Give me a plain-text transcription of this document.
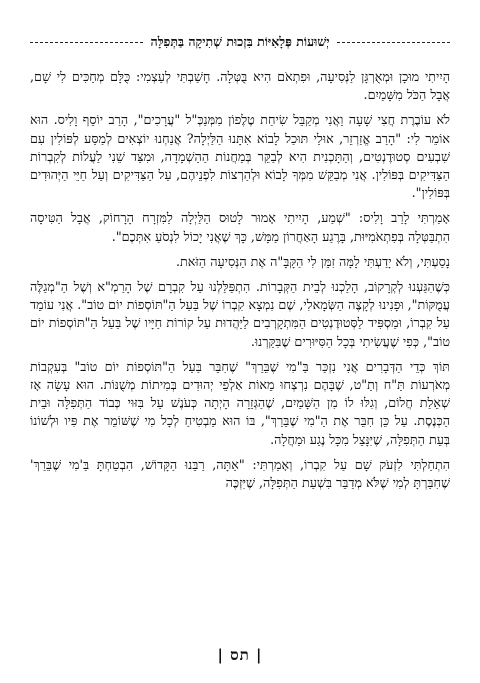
יְשׁוּעוֹת פְּלָאִיּוֹת בִּזְכוּת שְׁתִיקָה בַּתְּפִלָּה

הָיִיתִי מוּכָן וּמְאֻרְגָּן לַנְּסִיעָה, וּפִתְאֹם הִיא בֻּטְּלָה. חָשַׁבְתִּי לְעַצְמִי: כֻּלָּם מְחַכִּים לִי שָׁם, אֲבָל הַכֹּל מִשָּׁמַיִם.

לֹא עוֹבֶרֶת חֲצִי שָׁעָה וַאֲנִי מְקַבֵּל שִׂיחַת טֶלֶפוֹן מִמְּנַכְּ"ל "עֲרָכִים", הָרַב יוֹסֵף וָלִיס. הוּא אוֹמֵר לִי: "הָרַב אֱזַרְזֵר, אוּלַי תּוּכַל לָבוֹא אִתָּנוּ הַלַּיְלָה? אֲנַחְנוּ יוֹצְאִים לְמַסַּע לְפּוֹלִין עִם שִׁבְעִים סְטוּדֶנְטִים, וְהַתָּכְנִית הִיא לְבַקֵּר בְּמַחֲנוֹת הַהַשְׁמָדָה, וּמִצַּד שֵׁנִי לַעֲלוֹת לְקִבְרוֹת הַצַּדִּיקִים בְּפּוֹלִין. אֲנִי מְבַקֵּשׁ מִמְּךָ לָבוֹא וּלְהַרְצוֹת לִפְנֵיהֶם, עַל הַצַּדִּיקִים וְעַל חַיֵּי הַיְּהוּדִים בְּפּוֹלִין".

אָמַרְתִּי לָרַב וָלִיס: "שְׁמַע, הָיִיתִי אָמוּר לָטוּס הַלַּיְלָה לַמִּזְרָח הָרָחוֹק, אֲבָל הַטִּיסָה הִתְבַּטְּלָה בְּפִתְאֹמִיּוּת, בָּרֶגַע הָאַחֲרוֹן מַמָּשׁ, כָּךְ שֶׁאֲנִי יָכוֹל לִנְסֹעַ אִתְּכֶם".

נָסַעְתִּי, וְלֹא יָדַעְתִּי לָמָּה זִמֵּן לִי הַקָּבָּ"ה אֶת הַנְּסִיעָה הַזֹּאת.

כְּשֶׁהִגַּעְנוּ לְקְרָקוֹב, הָלַכְנוּ לְבֵית הַקְּבָרוֹת. הִתְפַּלַּלְנוּ עַל קִבְרָם שֶׁל הָרַמְ"א וְשֶׁל הַ"מְגַלֶּה עֲמֻקּוֹת", וּפָנִינוּ לְקָצֶה הַשְּׂמָאלִי, שֶׁם נִמְצָא קִבְרוֹ שֶׁל בַּעַל הַ"תּוֹסְפוֹת יוֹם טוֹב". אֲנִי עוֹמֵד עַל קִבְרוֹ, וּמַסְפִּיד לַסְּטוּדֶנְטִים הַמִּתְקָרְבִים לַיַּהֲדוּת עַל קוֹרוֹת חַיָּיו שֶׁל בַּעַל הַ"תּוֹסְפוֹת יוֹם טוֹב", כְּפִי שֶׁעֲשִׂיתִי בְּכָל הַסִּיּוּרִים שֶׁבִּקַּרְנוּ.

תּוֹךְ כְּדֵי הַדְּבָרִים אֲנִי נִזְכַּר בַּ"מִי שֶׁבֵּרַךְ" שֶׁחִבֵּר בַּעַל הַ"תּוֹסְפוֹת יוֹם טוֹב" בְּעִקְבוֹת מְאֹרְעוֹת תַּ"ח וְתַ"ט, שֶׁבָּהֶם נִרְצְחוּ מֵאוֹת אַלְפֵי יְהוּדִים בְּמִיתוֹת מְשֻׁנּוֹת. הוּא עָשָׂה אָז שְׁאֵלַת חֲלוֹם, וְגִלּוּ לוֹ מִן הַשָּׁמַיִם, שֶׁהַגְּזֵרָה הָיְתָה כְּעֹנֶשׁ עַל בִּזּוּי כְּבוֹד הַתְּפִלָּה וּבֵית הַכְּנֶסֶת. עַל כֵּן חִבֵּר אֶת הַ"מִי שֶׁבֵּרַךְ", בּוֹ הוּא מַבְטִיחַ לְכָל מִי שֶׁשּׁוֹמֵר אֶת פִּיו וּלְשׁוֹנוֹ בְּעֵת הַתְּפִלָּה, שֶׁיִּנָּצֵל מִכָּל נֶגַע וּמַחֲלָה.

הִתְחַלְתִּי לִזְעֹק שָׁם עַל קִבְרוֹ, וְאָמַרְתִּי: "אַתָּה, רַבֵּנוּ הַקָּדוֹשׁ, הִבְטַחְתָּ בַּ'מִי שֶׁבֵּרַךְ' שֶׁחִבַּרְתָּ לְמִי שֶׁלֹּא מְדַבֵּר בִּשְׁעַת הַתְּפִלָּה, שֶׁיִּזְכֶּה

| תס |
